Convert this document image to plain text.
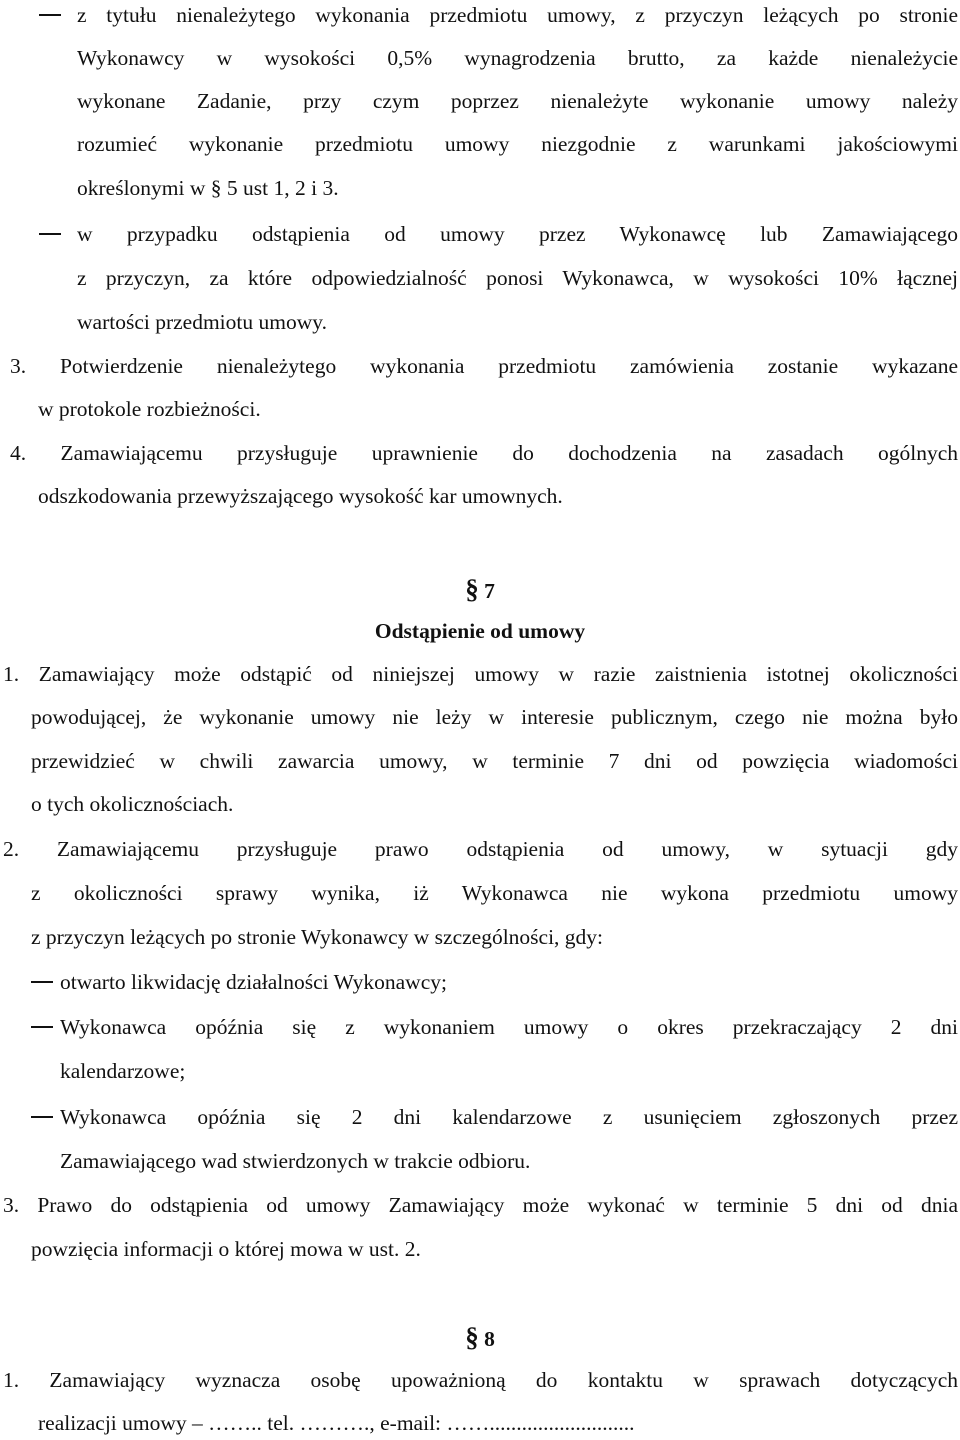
z tytułu nienależytego wykonania przedmiotu umowy, z przyczyn leżących po stronie
Wykonawcy w wysokości 0,5% wynagrodzenia brutto, za każde nienależycie
wykonane Zadanie, przy czym poprzez nienależyte wykonanie umowy należy
rozumieć wykonanie przedmiotu umowy niezgodnie z warunkami jakościowymi
określonymi w § 5 ust 1, 2 i 3.
w przypadku odstąpienia od umowy przez Wykonawcę lub Zamawiającego
z przyczyn, za które odpowiedzialność ponosi Wykonawca, w wysokości 10% łącznej
wartości przedmiotu umowy.
3. Potwierdzenie nienależytego wykonania przedmiotu zamówienia zostanie wykazane
w protokole rozbieżności.
4. Zamawiającemu przysługuje uprawnienie do dochodzenia na zasadach ogólnych
odszkodowania przewyższającego wysokość kar umownych.
§ 7
Odstąpienie od umowy
1. Zamawiający może odstąpić od niniejszej umowy w razie zaistnienia istotnej okoliczności
powodującej, że wykonanie umowy nie leży w interesie publicznym, czego nie można było
przewidzieć w chwili zawarcia umowy, w terminie 7 dni od powzięcia wiadomości
o tych okolicznościach.
2. Zamawiającemu przysługuje prawo odstąpienia od umowy, w sytuacji gdy
z okoliczności sprawy wynika, iż Wykonawca nie wykona przedmiotu umowy
z przyczyn leżących po stronie Wykonawcy w szczególności, gdy:
otwarto likwidację działalności Wykonawcy;
Wykonawca opóźnia się z wykonaniem umowy o okres przekraczający 2 dni
kalendarzowe;
Wykonawca opóźnia się 2 dni kalendarzowe z usunięciem zgłoszonych przez
Zamawiającego wad stwierdzonych w trakcie odbioru.
3. Prawo do odstąpienia od umowy Zamawiający może wykonać w terminie 5 dni od dnia
powzięcia informacji o której mowa w ust. 2.
§ 8
1. Zamawiający wyznacza osobę upoważnioną do kontaktu w sprawach dotyczących
realizacji umowy – …….. tel. ………., e-mail: ……...........................
